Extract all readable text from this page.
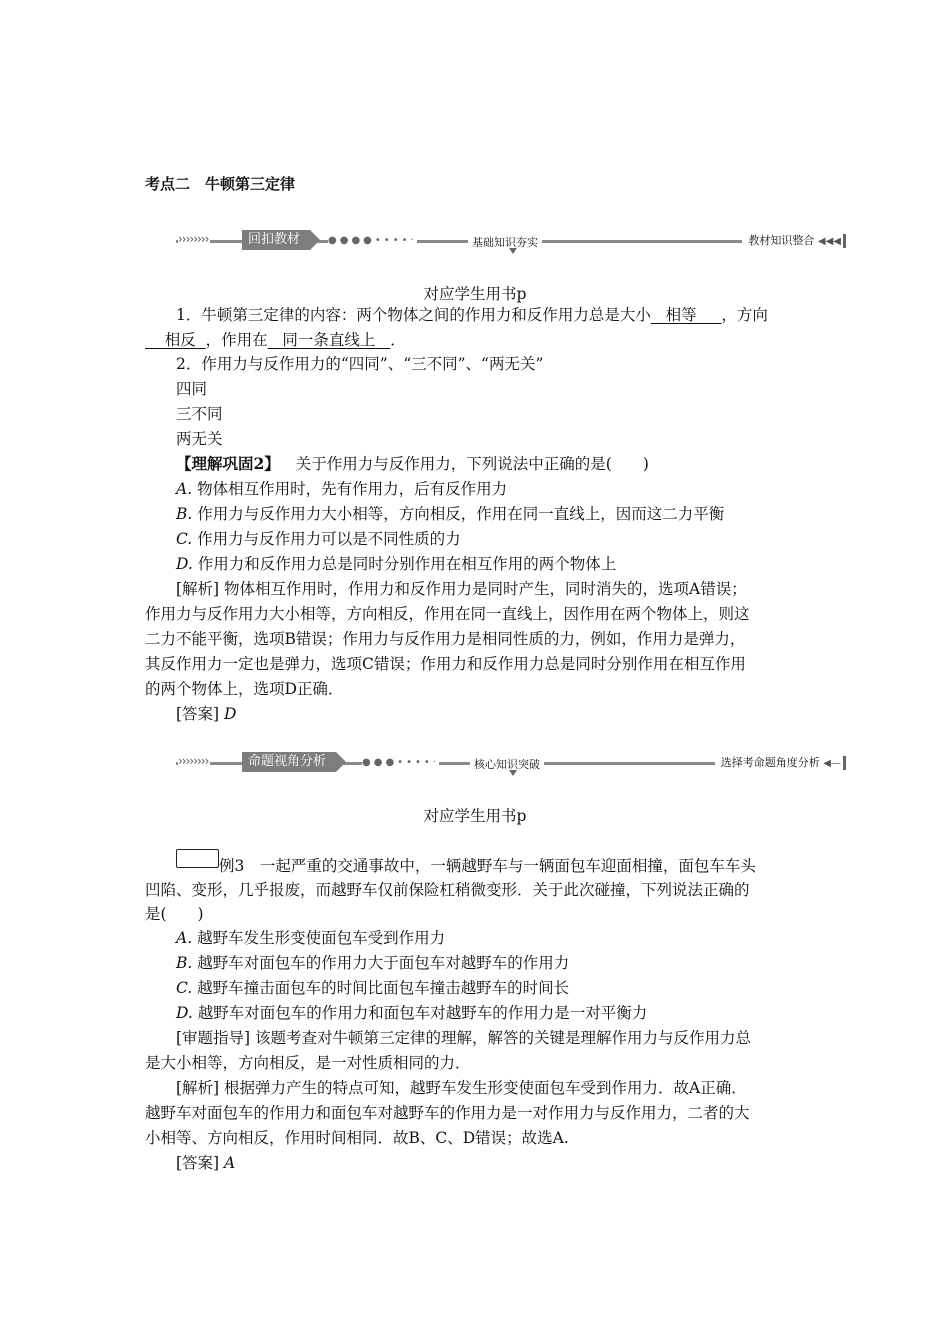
考点二　牛顿第三定律
››››››››	回扣教材	●●●●••••·	基础知识夯实	教材知识整合 ◀◀◀
对应学生用书p
1．牛顿第三定律的内容：两个物体之间的作用力和反作用力总是大小 相等 ，方向
相反 ，作用在 同一条直线上 ．
2．作用力与反作用力的“四同”、“三不同”、“两无关”
四同
三不同
两无关
【理解巩固2】 关于作用力与反作用力，下列说法中正确的是(　　)
A. 物体相互作用时，先有作用力，后有反作用力
B. 作用力与反作用力大小相等，方向相反，作用在同一直线上，因而这二力平衡
C. 作用力与反作用力可以是不同性质的力
D. 作用力和反作用力总是同时分别作用在相互作用的两个物体上
[解析] 物体相互作用时，作用力和反作用力是同时产生，同时消失的，选项A错误；
作用力与反作用力大小相等，方向相反，作用在同一直线上，因作用在两个物体上，则这
二力不能平衡，选项B错误；作用力与反作用力是相同性质的力，例如，作用力是弹力，
其反作用力一定也是弹力，选项C错误；作用力和反作用力总是同时分别作用在相互作用
的两个物体上，选项D正确．
[答案] D
››››››››	命题视角分析	●●●••••·	核心知识突破	选择考命题角度分析 ◀—
对应学生用书p
例3　一起严重的交通事故中，一辆越野车与一辆面包车迎面相撞，面包车车头
凹陷、变形，几乎报废，而越野车仅前保险杠稍微变形．关于此次碰撞，下列说法正确的
是(　　)
A. 越野车发生形变使面包车受到作用力
B. 越野车对面包车的作用力大于面包车对越野车的作用力
C. 越野车撞击面包车的时间比面包车撞击越野车的时间长
D. 越野车对面包车的作用力和面包车对越野车的作用力是一对平衡力
[审题指导] 该题考查对牛顿第三定律的理解，解答的关键是理解作用力与反作用力总
是大小相等，方向相反，是一对性质相同的力．
[解析] 根据弹力产生的特点可知，越野车发生形变使面包车受到作用力．故A正确．
越野车对面包车的作用力和面包车对越野车的作用力是一对作用力与反作用力，二者的大
小相等、方向相反，作用时间相同．故B、C、D错误；故选A.
[答案] A
